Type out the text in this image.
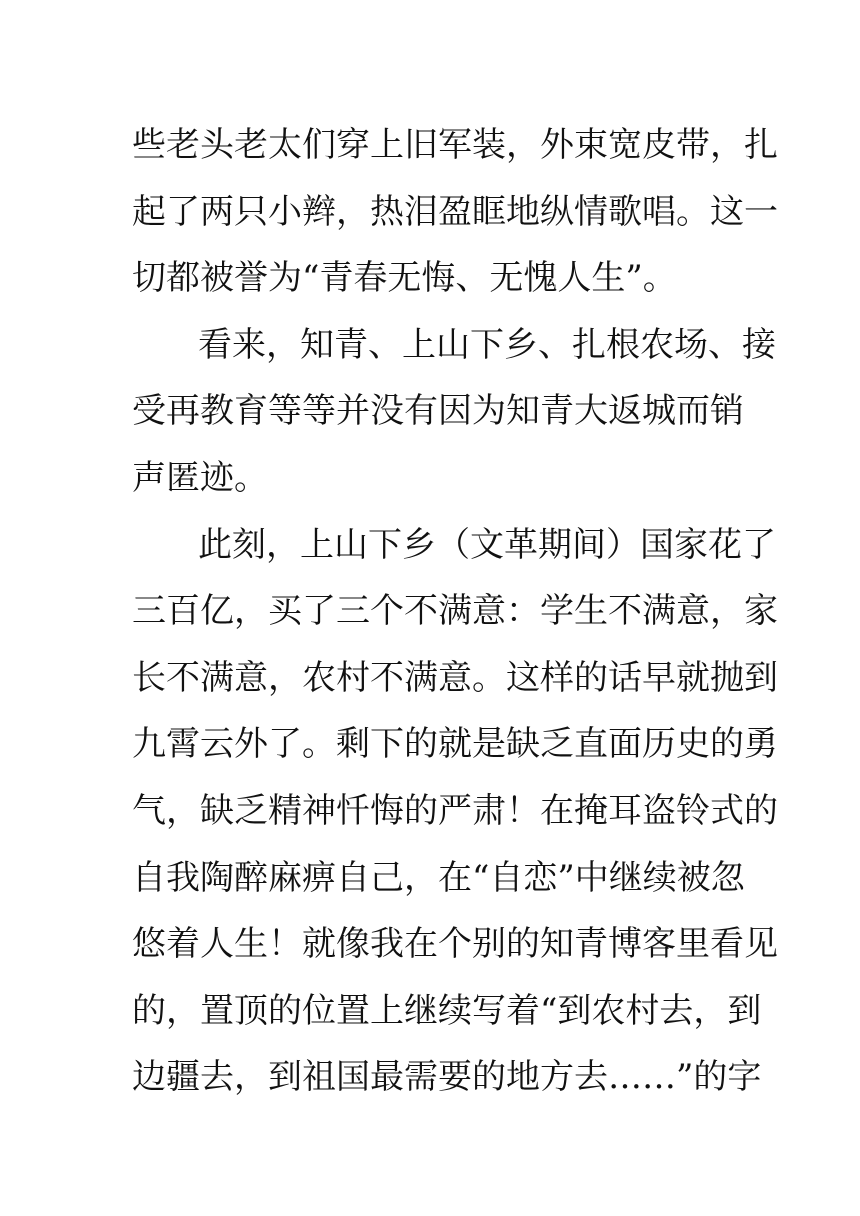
些老头老太们穿上旧军装，外束宽皮带，扎
起了两只小辫，热泪盈眶地纵情歌唱。这一
切都被誉为“青春无悔、无愧人生”。
看来，知青、上山下乡、扎根农场、接
受再教育等等并没有因为知青大返城而销
声匿迹。
此刻，上山下乡（文革期间）国家花了
三百亿，买了三个不满意：学生不满意，家
长不满意，农村不满意。这样的话早就抛到
九霄云外了。剩下的就是缺乏直面历史的勇
气，缺乏精神忏悔的严肃！在掩耳盗铃式的
自我陶醉麻痹自己，在“自恋”中继续被忽
悠着人生！就像我在个别的知青博客里看见
的，置顶的位置上继续写着“到农村去，到
边疆去，到祖国最需要的地方去……”的字
